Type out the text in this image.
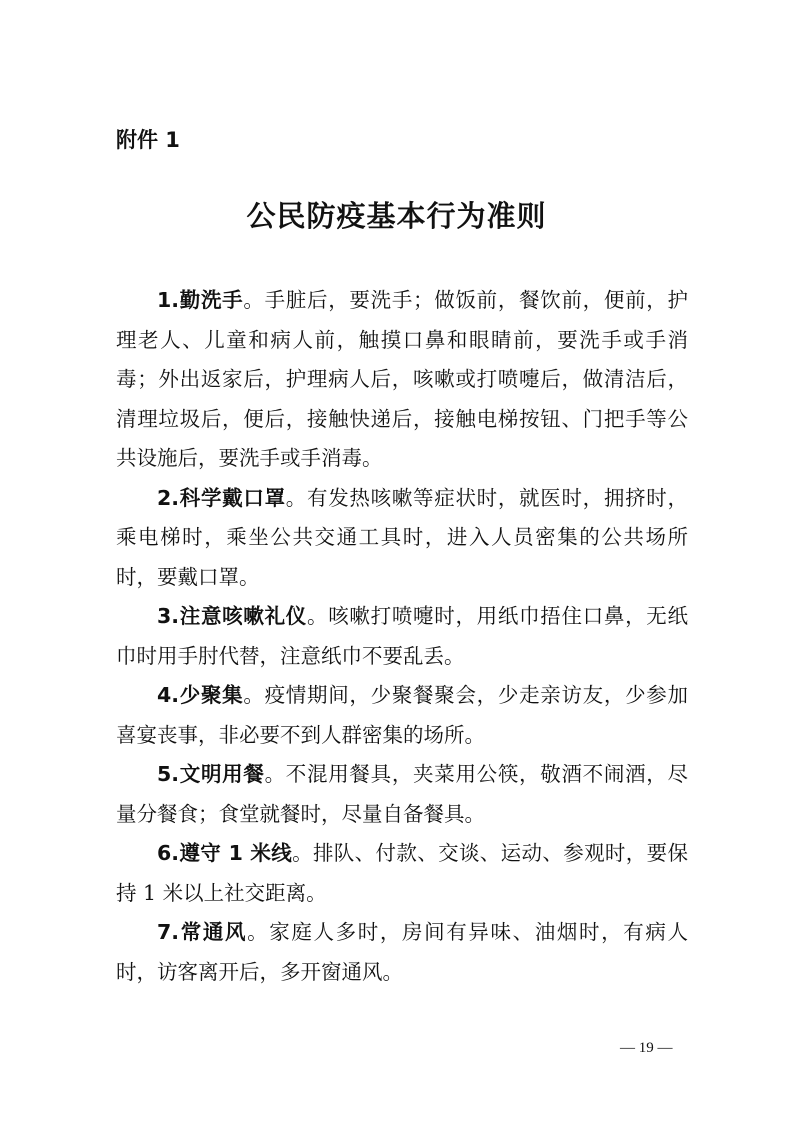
附件 1
公民防疫基本行为准则

1.勤洗手。手脏后，要洗手；做饭前，餐饮前，便前，护理老人、儿童和病人前，触摸口鼻和眼睛前，要洗手或手消毒；外出返家后，护理病人后，咳嗽或打喷嚏后，做清洁后，清理垃圾后，便后，接触快递后，接触电梯按钮、门把手等公共设施后，要洗手或手消毒。

2.科学戴口罩。有发热咳嗽等症状时，就医时，拥挤时，乘电梯时，乘坐公共交通工具时，进入人员密集的公共场所时，要戴口罩。

3.注意咳嗽礼仪。咳嗽打喷嚏时，用纸巾捂住口鼻，无纸巾时用手肘代替，注意纸巾不要乱丢。

4.少聚集。疫情期间，少聚餐聚会，少走亲访友，少参加喜宴丧事，非必要不到人群密集的场所。

5.文明用餐。不混用餐具，夹菜用公筷，敬酒不闹酒，尽量分餐食；食堂就餐时，尽量自备餐具。

6.遵守 1 米线。排队、付款、交谈、运动、参观时，要保持 1 米以上社交距离。

7.常通风。家庭人多时，房间有异味、油烟时，有病人时，访客离开后，多开窗通风。

— 19 —
